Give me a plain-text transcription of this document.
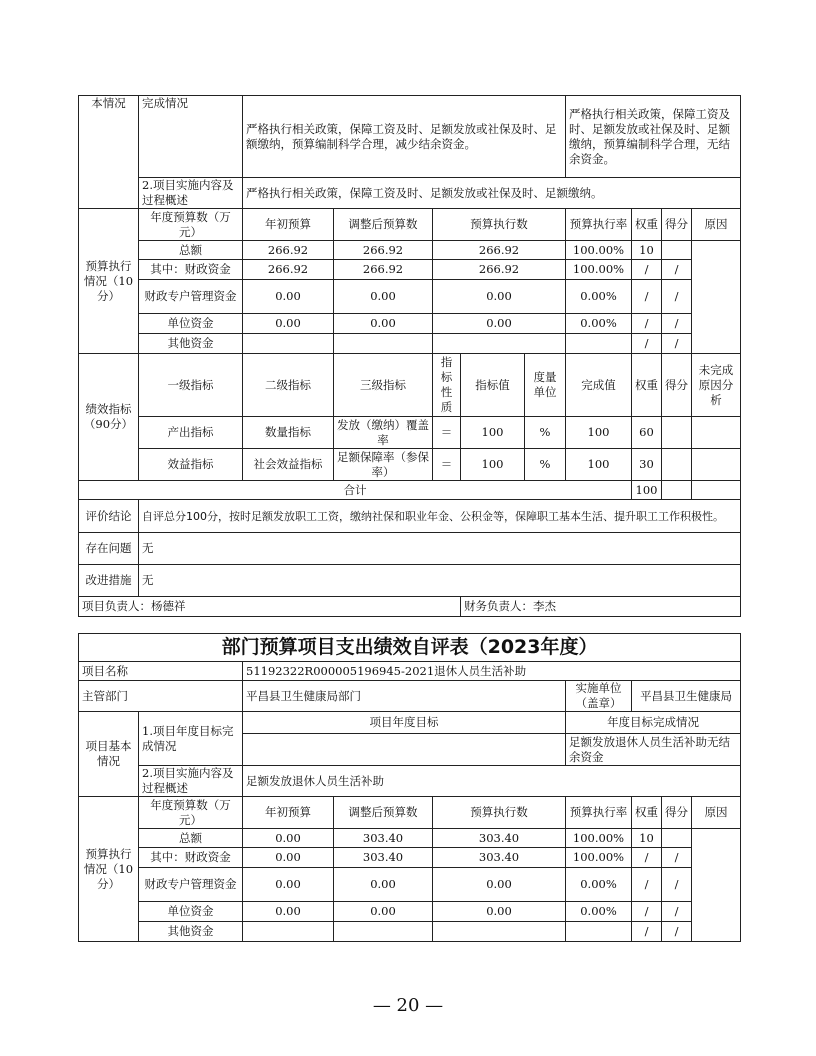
本情况	完成情况	严格执行相关政策，保障工资及时、足额发放或社保及时、足额缴纳，预算编制科学合理，减少结余资金。					严格执行相关政策，保障工资及时、足额发放或社保及时、足额缴纳，预算编制科学合理，无结余资金。			
	2.项目实施内容及过程概述	严格执行相关政策，保障工资及时、足额发放或社保及时、足额缴纳。								
预算执行情况（10分）	年度预算数（万元）	年初预算	调整后预算数	预算执行数			预算执行率	权重	得分	原因
	总额	266.92	266.92	266.92			100.00%	10		
	其中：财政资金	266.92	266.92	266.92			100.00%	/	/	
	财政专户管理资金	0.00	0.00	0.00			0.00%	/	/	
	单位资金	0.00	0.00	0.00			0.00%	/	/	
	其他资金							/	/	
绩效指标（90分）	一级指标	二级指标	三级指标	指标性质	指标值	度量单位	完成值	权重	得分	未完成原因分析
	产出指标	数量指标	发放（缴纳）覆盖率	＝	100	%	100	60		
	效益指标	社会效益指标	足额保障率（参保率）	＝	100	%	100	30		
合计								100		
评价结论	自评总分100分，按时足额发放职工工资，缴纳社保和职业年金、公积金等，保障职工基本生活、提升职工工作积极性。									
存在问题	无									
改进措施	无									
项目负责人：杨德祥					财务负责人：李杰					
部门预算项目支出绩效自评表（2023年度）								
项目名称		51192322R000005196945-2021退休人员生活补助						
主管部门		平昌县卫生健康局部门			实施单位（盖章）	平昌县卫生健康局		
项目基本情况	1.项目年度目标完成情况	项目年度目标			年度目标完成情况			
					足额发放退休人员生活补助无结余资金			
	2.项目实施内容及过程概述	足额发放退休人员生活补助						
预算执行情况（10分）	年度预算数（万元）	年初预算	调整后预算数	预算执行数	预算执行率	权重	得分	原因
	总额	0.00	303.40	303.40	100.00%	10		
	其中：财政资金	0.00	303.40	303.40	100.00%	/	/	
	财政专户管理资金	0.00	0.00	0.00	0.00%	/	/	
	单位资金	0.00	0.00	0.00	0.00%	/	/	
	其他资金					/	/	
— 20 —
